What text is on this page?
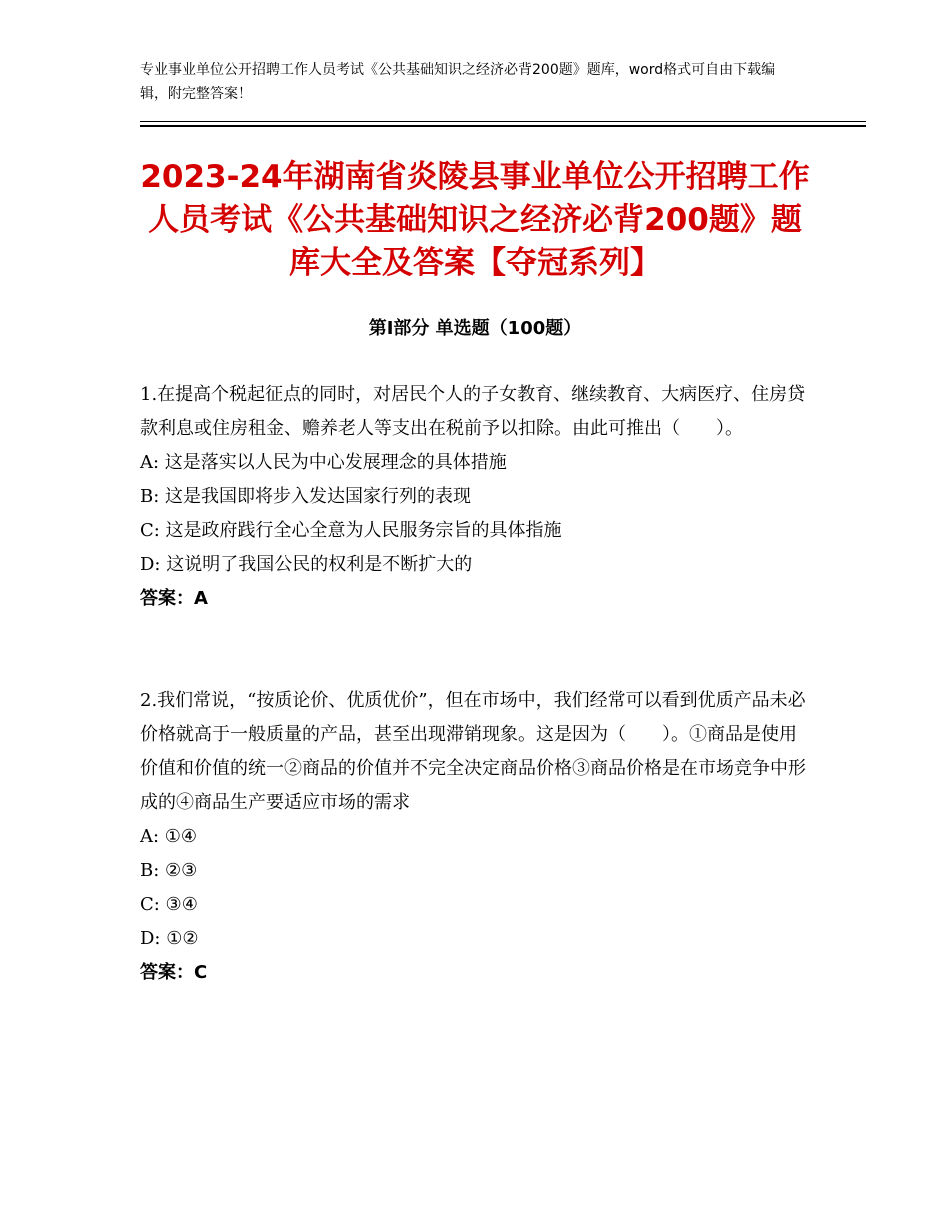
专业事业单位公开招聘工作人员考试《公共基础知识之经济必背200题》题库，word格式可自由下载编辑，附完整答案！
2023-24年湖南省炎陵县事业单位公开招聘工作人员考试《公共基础知识之经济必背200题》题库大全及答案【夺冠系列】
第I部分 单选题（100题）

1.在提高个税起征点的同时，对居民个人的子女教育、继续教育、大病医疗、住房贷款利息或住房租金、赡养老人等支出在税前予以扣除。由此可推出（　　）。

A: 这是落实以人民为中心发展理念的具体措施

B: 这是我国即将步入发达国家行列的表现

C: 这是政府践行全心全意为人民服务宗旨的具体指施

D: 这说明了我国公民的权利是不断扩大的

答案：A

2.我们常说，“按质论价、优质优价”，但在市场中，我们经常可以看到优质产品未必价格就高于一般质量的产品，甚至出现滞销现象。这是因为（　　）。①商品是使用价值和价值的统一②商品的价值并不完全决定商品价格③商品价格是在市场竞争中形成的④商品生产要适应市场的需求

A: ①④

B: ②③

C: ③④

D: ①②

答案：C
